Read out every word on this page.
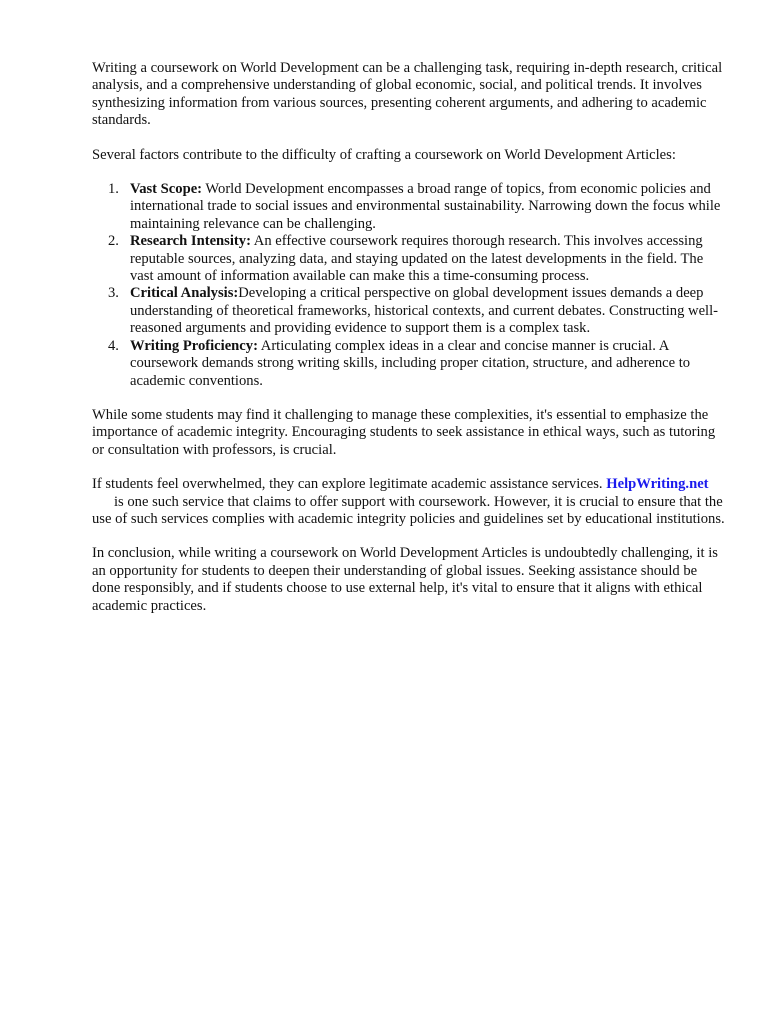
Writing a coursework on World Development can be a challenging task, requiring in-depth research, critical analysis, and a comprehensive understanding of global economic, social, and political trends. It involves synthesizing information from various sources, presenting coherent arguments, and adhering to academic standards.

Several factors contribute to the difficulty of crafting a coursework on World Development Articles:

1. Vast Scope: World Development encompasses a broad range of topics, from economic policies and international trade to social issues and environmental sustainability. Narrowing down the focus while maintaining relevance can be challenging.
2. Research Intensity: An effective coursework requires thorough research. This involves accessing reputable sources, analyzing data, and staying updated on the latest developments in the field. The vast amount of information available can make this a time-consuming process.
3. Critical Analysis:Developing a critical perspective on global development issues demands a deep understanding of theoretical frameworks, historical contexts, and current debates. Constructing well-reasoned arguments and providing evidence to support them is a complex task.
4. Writing Proficiency: Articulating complex ideas in a clear and concise manner is crucial. A coursework demands strong writing skills, including proper citation, structure, and adherence to academic conventions.

While some students may find it challenging to manage these complexities, it's essential to emphasize the importance of academic integrity. Encouraging students to seek assistance in ethical ways, such as tutoring or consultation with professors, is crucial.

If students feel overwhelmed, they can explore legitimate academic assistance services. HelpWriting.netis one such service that claims to offer support with coursework. However, it is crucial to ensure that the use of such services complies with academic integrity policies and guidelines set by educational institutions.

In conclusion, while writing a coursework on World Development Articles is undoubtedly challenging, it is an opportunity for students to deepen their understanding of global issues. Seeking assistance should be done responsibly, and if students choose to use external help, it's vital to ensure that it aligns with ethical academic practices.
